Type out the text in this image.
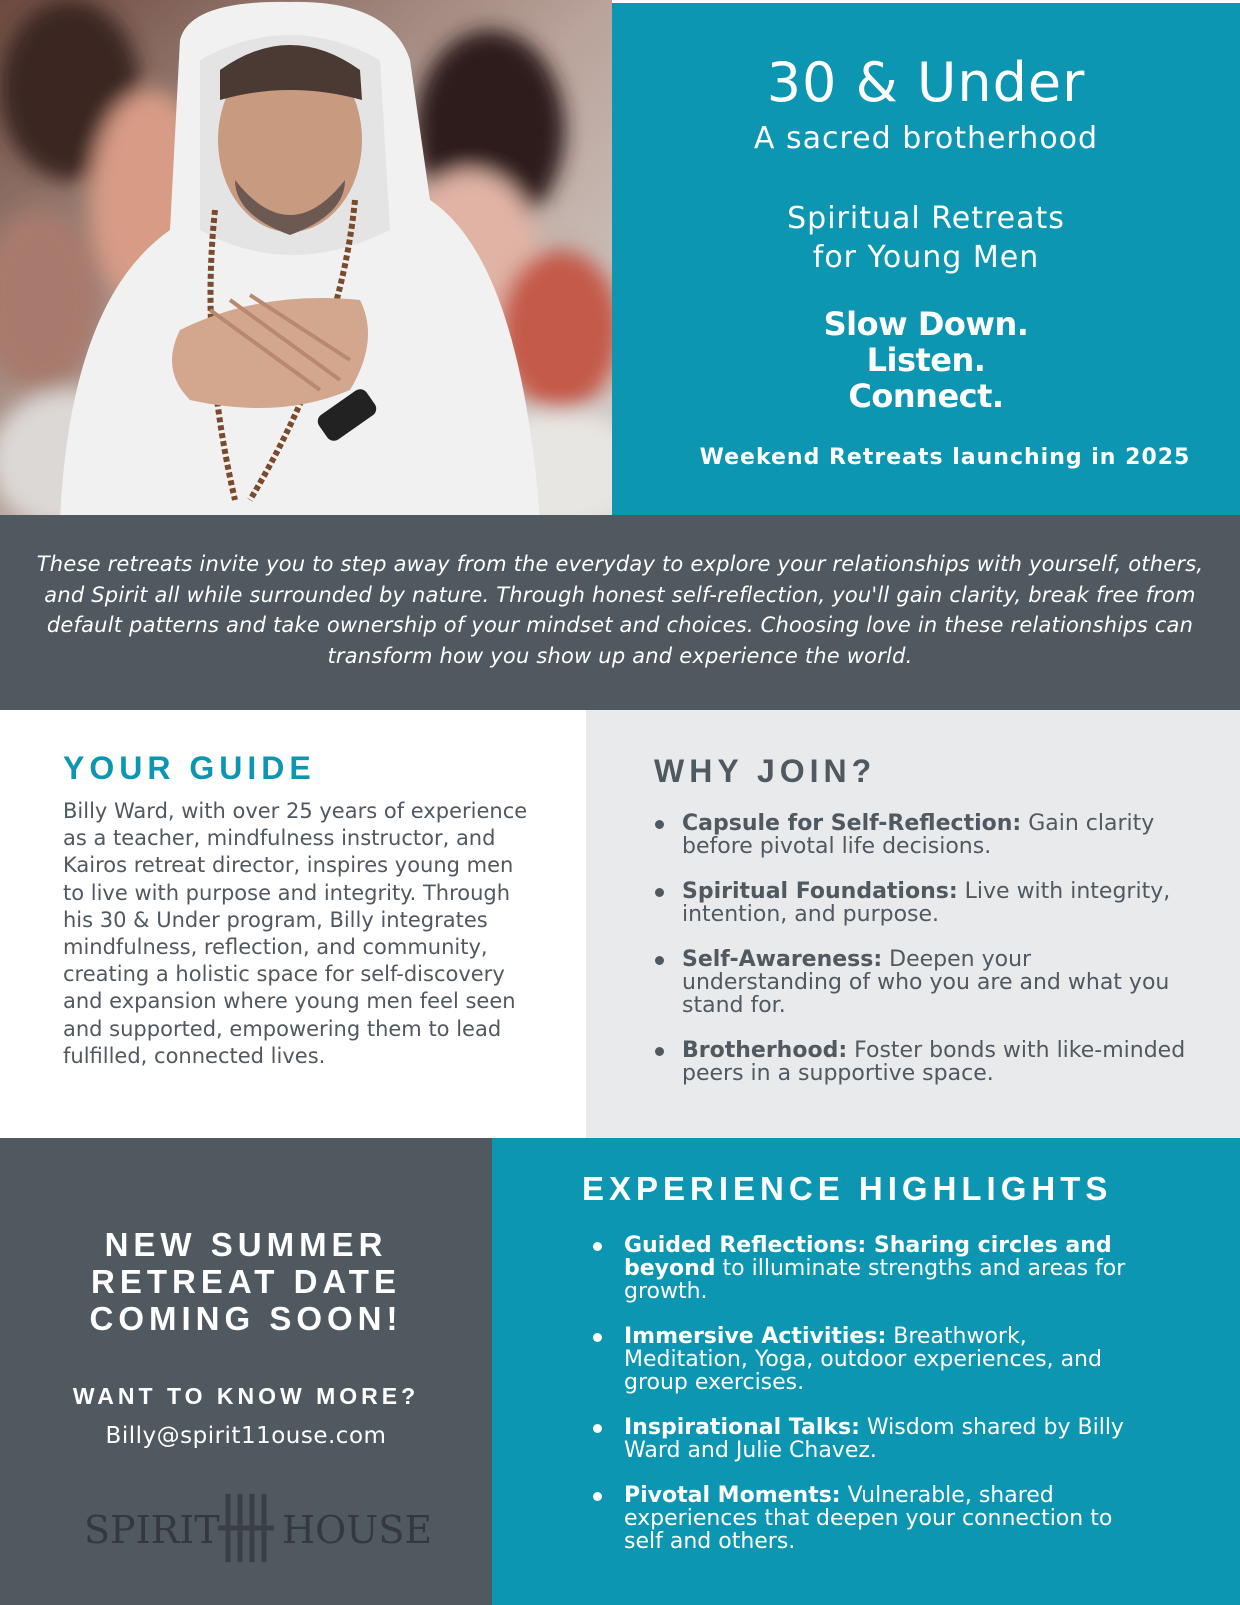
30 & Under
A sacred brotherhood
Spiritual Retreats
for Young Men
Slow Down.
Listen.
Connect.
Weekend Retreats launching in 2025

These retreats invite you to step away from the everyday to explore your relationships with yourself, others, and Spirit all while surrounded by nature. Through honest self-reflection, you'll gain clarity, break free from default patterns and take ownership of your mindset and choices. Choosing love in these relationships can transform how you show up and experience the world.

YOUR GUIDE

Billy Ward, with over 25 years of experience as a teacher, mindfulness instructor, and Kairos retreat director, inspires young men to live with purpose and integrity. Through his 30 & Under program, Billy integrates mindfulness, reflection, and community, creating a holistic space for self-discovery and expansion where young men feel seen and supported, empowering them to lead fulfilled, connected lives.

WHY JOIN?
Capsule for Self-Reflection: Gain clarity before pivotal life decisions.
Spiritual Foundations: Live with integrity, intention, and purpose.
Self-Awareness: Deepen your understanding of who you are and what you stand for.
Brotherhood: Foster bonds with like-minded peers in a supportive space.
NEW SUMMER
RETREAT DATE
COMING SOON!
WANT TO KNOW MORE?
Billy@spirit11ouse.com
SPIRIT HOUSE
EXPERIENCE HIGHLIGHTS
Guided Reflections: Sharing circles and beyond to illuminate strengths and areas for growth.
Immersive Activities: Breathwork, Meditation, Yoga, outdoor experiences, and group exercises.
Inspirational Talks: Wisdom shared by Billy Ward and Julie Chavez.
Pivotal Moments: Vulnerable, shared experiences that deepen your connection to self and others.
